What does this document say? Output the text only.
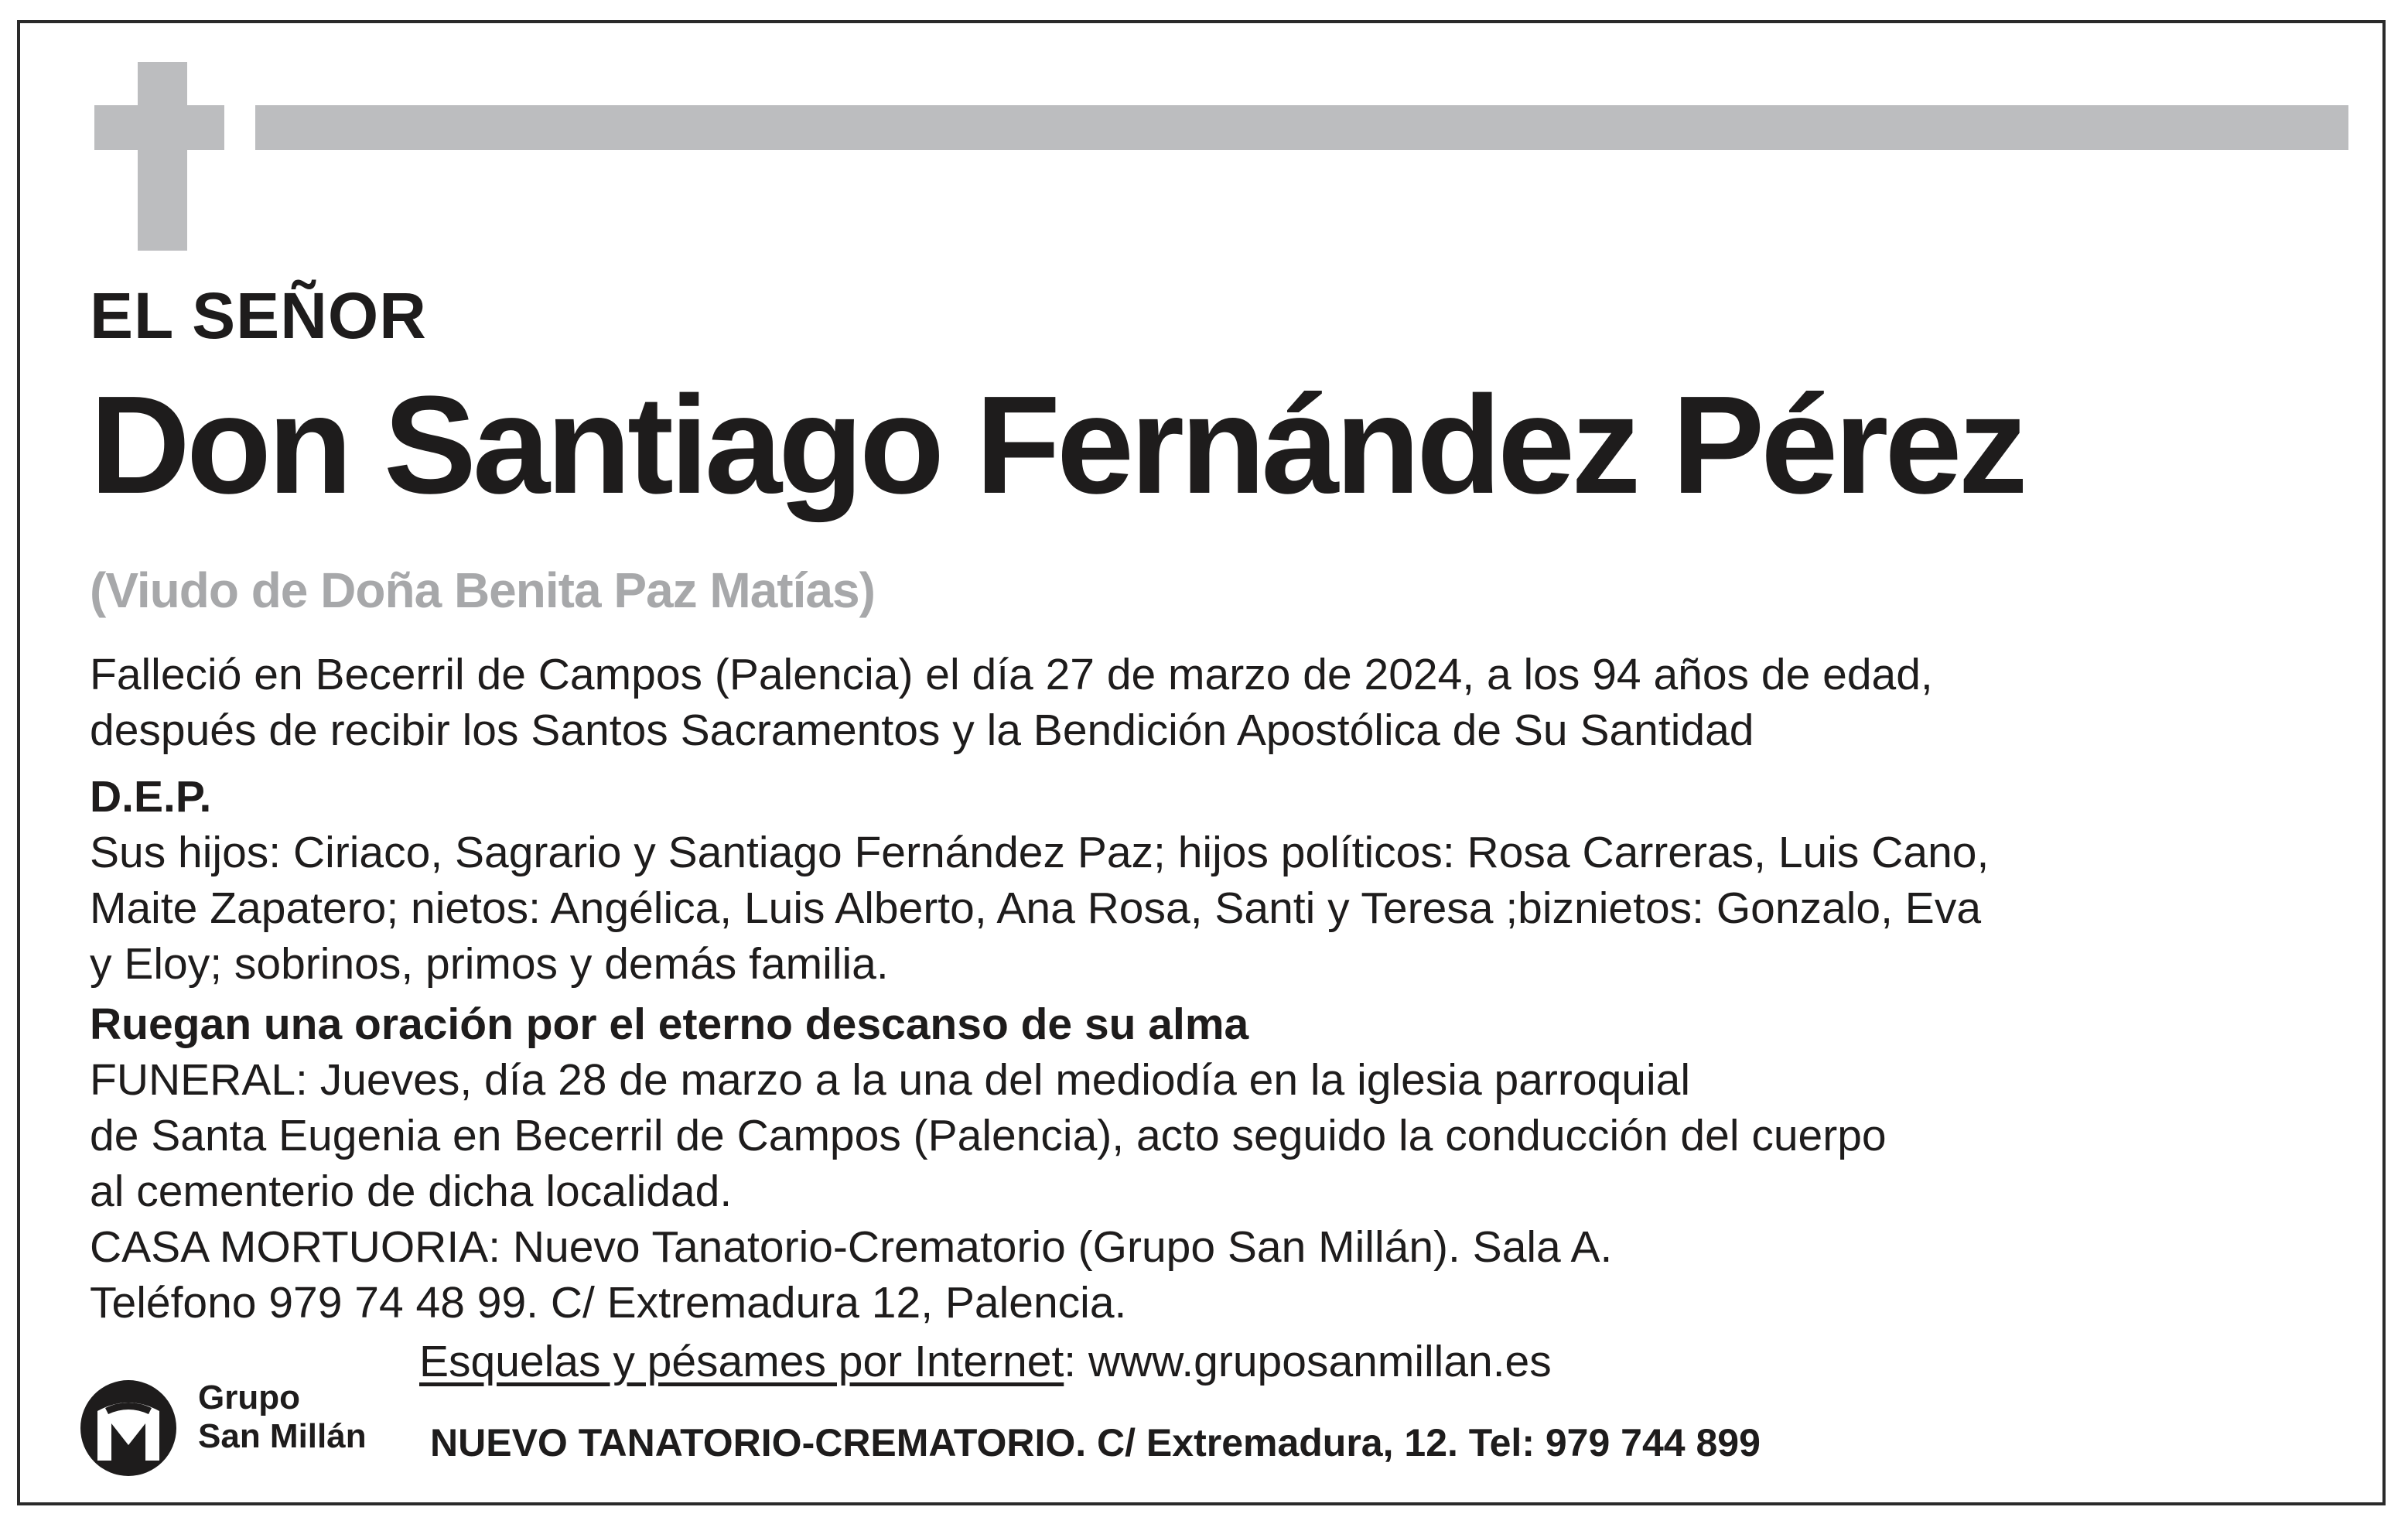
EL SEÑOR
Don Santiago Fernández Pérez
(Viudo de Doña Benita Paz Matías)
Falleció en Becerril de Campos (Palencia) el día 27 de marzo de 2024, a los 94 años de edad,
después de recibir los Santos Sacramentos y la Bendición Apostólica de Su Santidad
D.E.P.
Sus hijos: Ciriaco, Sagrario y Santiago Fernández Paz; hijos políticos: Rosa Carreras, Luis Cano,
Maite Zapatero; nietos: Angélica, Luis Alberto, Ana Rosa, Santi y Teresa ;biznietos: Gonzalo, Eva
y Eloy; sobrinos, primos y demás familia.
Ruegan una oración por el eterno descanso de su alma
FUNERAL: Jueves, día 28 de marzo a la una del mediodía en la iglesia parroquial
de Santa Eugenia en Becerril de Campos (Palencia), acto seguido la conducción del cuerpo
al cementerio de dicha localidad.
CASA MORTUORIA: Nuevo Tanatorio-Crematorio (Grupo San Millán). Sala A.
Teléfono 979 74 48 99. C/ Extremadura 12, Palencia.
Esquelas y pésames por Internet: www.gruposanmillan.es
Grupo
San Millán NUEVO TANATORIO-CREMATORIO. C/ Extremadura, 12. Tel: 979 744 899
